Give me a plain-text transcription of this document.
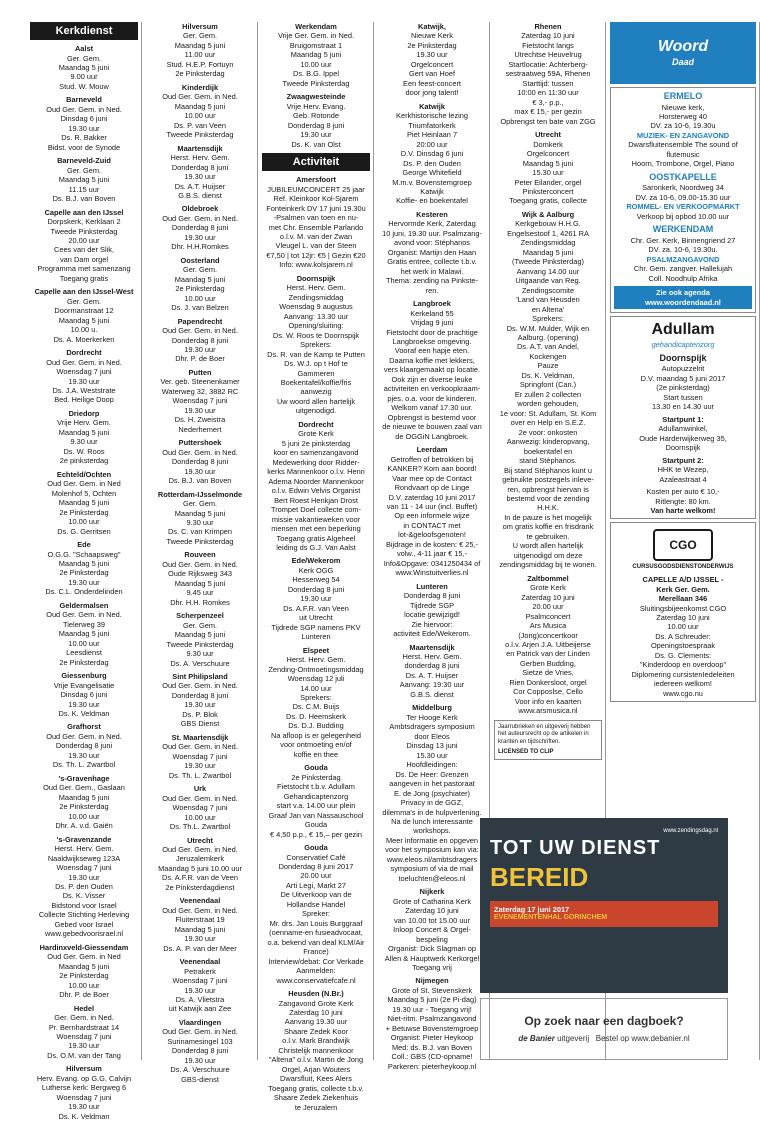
Kerkdienst
Aalst
Ger. Gem.
Maandag 5 juni
9.00 uur
Stud. W. Mouw
Barneveld
Oud Ger. Gem. in Ned.
Dinsdag 6 juni
19.30 uur
Ds. R. Bakker
Bidst. voor de Synode
Barneveld-Zuid
Ger. Gem.
Maandag 5 juni
11.15 uur
Ds. B.J. van Boven
Capelle aan den IJssel
Dorpskerk, Kerklaan 2
Tweede Pinksterdag
20.00 uur
Cees van der Slik,
van Dam orgel
Programma met samenzang
Toegang gratis
Capelle aan den IJssel-West
Ger. Gem.
Doormanstraat 12
Maandag 5 juni
10.00 u.
Ds. A. Moerkerken
Dordrecht
Oud Ger. Gem. in Ned.
Woensdag 7 juni
19.30 uur
Ds. J.A. Weststrate
Bed. Heilige Doop
Driedorp
Vrije Herv. Gem.
Maandag 5 juni
9.30 uur
Ds. W. Roos
2e pinksterdag
Echteld/Ochten
Oud Ger. Gem. in Ned
Molenhof 5, Ochten
Maandag 5 juni
2e Pinksterdag
10.00 uur
Ds. G. Gerritsen
Ede
O.G.G. "Schaapsweg"
Maandag 5 juni
2e Pinksterdag
19.30 uur
Ds. C.L. Onderdelinden
Geldermalsen
Oud Ger. Gem. in Ned.
Tielerweg 39
Maandag 5 juni
10.00 uur
Leesdienst
2e Pinksterdag
Giessenburg
Vrije Evangelisatie
Dinsdag 6 juni
19.30 uur
Ds. K. Veldman
Grafhorst
Oud Ger. Gem. in Ned.
Donderdag 8 juni
19.30 uur
Ds. Th. L. Zwartbol
's-Gravenhage
Oud Ger. Gem., Gaslaan
Maandag 5 juni
2e Pinksterdag
10.00 uur
Dhr. A. v.d. Gaiën
's-Gravenzande
Herst. Herv. Gem.
Naaldwijkseweg 123A
Woensdag 7 juni
19.30 uur
Ds. P. den Ouden
Ds. K. Visser
Bidstond voor Israel
Collecte Stichting Herleving
Gebed voor Israel
www.gebedvoorisrael.nl
Hardinxveld-Giessendam
Oud Ger. Gem. in Ned
Maandag 5 juni
2e Pinksterdag
10.00 uur
Dhr. P. de Boer
Hedel
Ger. Gem. in Ned.
Pr. Bernhardstraat 14
Woensdag 7 juni
19.30 uur
Ds. O.M. van der Tang
Hilversum
Herv. Evang. op G.G. Calvijn
Lutherse kerk: Bergweg 6
Woensdag 7 juni
19.30 uur
Ds. K. Veldman
Hilversum
Ger. Gem.
Maandag 5 juni
11.00 uur
Stud. H.E.P. Fortuyn
2e Pinksterdag
Kinderdijk
Oud Ger. Gem. in Ned.
Maandag 5 juni
10.00 uur
Ds. P. van Veen
Tweede Pinksterdag
Maartensdijk
Herst. Herv. Gem.
Donderdag 8 juni
19.30 uur
Ds. A.T. Huijser
G.B.S. dienst
Oldebroek
Oud Ger. Gem. in Ned.
Donderdag 8 juni
19.30 uur
Dhr. H.H.Romkes
Oosterland
Ger. Gem.
Maandag 5 juni
2e Pinksterdag
10.00 uur
Ds. J. van Belzen
Papendrecht
Oud Ger. Gem. in Ned.
Donderdag 8 juni
19.30 uur
Dhr. P. de Boer
Putten
Ver. geb. Steenenkamer
Waterweg 32, 3882 RC
Woensdag 7 juni
19.30 uur
Ds. H. Zweistra
Nederhemert
Puttershoek
Oud Ger. Gem. in Ned.
Donderdag 8 juni
19.30 uur
Ds. B.J. van Boven
Rotterdam-IJsselmonde
Ger. Gem.
Maandag 5 juni
9.30 uur
Ds. C. van Krimpen
Tweede Pinksterdag
Rouveen
Oud Ger. Gem. in Ned.
Oude Rijksweg 343
Maandag 5 juni
9.45 uur
Dhr. H.H. Romkes
Scherpenzeel
Ger. Gem.
Maandag 5 juni
Tweede Pinksterdag
9.30 uur
Ds. A. Verschuure
Sint Philipsland
Oud Ger. Gem. in Ned.
Donderdag 8 juni
19.30 uur
Ds. P. Blok
GBS Dienst
St. Maartensdijk
Oud Ger. Gem. in Ned.
Woensdag 7 juni
19.30 uur
Ds. Th. L. Zwartbol
Urk
Oud Ger. Gem. in Ned.
Woensdag 7 juni
10.00 uur
Ds. Th.L. Zwartbol
Utrecht
Oud Ger. Gem. in Ned.
Jeruzalemkerk
Maandag 5 juni 10.00 uur
Ds. A.F.R. van de Veen
2e Pinksterdagdienst
Veenendaal
Oud Ger. Gem. in Ned.
Fluiterstraat 19
Maandag 5 juni
19.30 uur
Ds. A. P. van der Meer
Veenendaal
Petrakerk
Woensdag 7 juni
19.30 uur
Ds. A. Vlietstra
uit Katwijk aan Zee
Vlaardingen
Oud Ger. Gem. in Ned.
Surinamesingel 103
Donderdag 8 juni
19.30 uur
Ds. A. Verschuure
GBS-dienst
Werkendam
Vrije Ger. Gem. in Ned.
Bruigomstraat 1
Maandag 5 juni
10.00 uur
Ds. B.G. Ippel
Tweede Pinksterdag
Zwaagwesteinde
Vrije Herv. Evang.
Geb. Rotonde
Donderdag 8 juni
19.30 uur
Ds. K. van Olst
Activiteit
Amersfoort
JUBILEUMCONCERT 25 jaar
Ref. Kleinkoor Kol-Sjarem
Fonteinkerk DV 17 juni 19.30u
-Psalmen van toen en nu-
met Chr. Ensemble Parlando
o.l.v. M. van der Zwan
Vleugel L. van der Steen
€7,50 | tot 12jr: €5 | Gezin €20
Info: www.kolsjarem.nl
Doornspijk
Herst. Herv. Gem.
Zendingsmiddag
Woensdag 9 augustus
Aanvang: 13.30 uur
Opening/sluiting:
Ds. W. Roos te Doornspijk
Sprekers:
Ds. R. van de Kamp te Putten
Ds. W.J. op t Hof te
Gammeren
Boekentafel/koffie/fris
aanwezig
Uw woord allen hartelijk
uitgenodigd.
Dordrecht
Grote Kerk
5 juni 2e pinksterdag
koor en samenzangavond
Medewerking door Ridder-
kerks Mannenkoor o.l.v. Henri
Adema Noorder Mannenkoor
o.l.v. Edwin Velvis Organist
Bert Roest Henkjan Drost
Trompet Doel collecte com-
missie vakantieweken voor
mensen met een beperking
Toegang gratis Algeheel
leiding ds G.J. Van Aalst
Ede/Wekerom
Kerk OGG
Hesserweg 54
Donderdag 8 juni
19.30 uur
Ds. A.F.R. van Veen
uit Utrecht
Tijdrede SGP namens PKV
Lunteren
Elspeet
Herst. Herv. Gem.
Zending-Ontmoetingsmiddag
Woensdag 12 juli
14.00 uur
Sprekers:
Ds. C.M. Buijs
Ds. D. Heemskerk
Ds. D.J. Budding
Na afloop is er gelegenheid
voor ontmoeting en/of
koffie en thee
Gouda
2e Pinksterdag
Fietstocht t.b.v. Adullam
Gehandicaptenzorg
start v.a. 14.00 uur plein
Graaf Jan van Nassauschool
Gouda
€ 4,50 p.p., € 15,– per gezin
Gouda
Conservatief Café
Donderdag 8 juni 2017
20.00 uur
Arti Legi, Markt 27
De Uitverkoop van de
Hollandse Handel
Spreker:
Mr. drs. Jan Louis Burggraaf
(oenname-en fusieadvocaat,
o.a. bekend van deal KLM/Air
France)
Interview/debat: Cor Verkade
Aanmelden:
www.conservatiefcafe.nl
Heusden (N.Br.)
Zangavond Grote Kerk
Zaterdag 10 juni
Aanvang 19.30 uur
Shaare Zedek Koor
o.l.v. Mark Brandwijk
Christelijk mannenkoor
"Altena" o.l.v. Martin de Jong
Orgel, Arjan Wouters
Dwarsfluit, Kees Alers
Toegang gratis, collecte t.b.v.
Shaare Zedek Ziekenhuis
te Jeruzalem
Katwijk,
Nieuwe Kerk
2e Pinksterdag
19.30 uur
Orgelconcert
Gert van Hoef
Een feest-concert
door jong talent!
Katwijk
Kerkhistorische lezing
Triumfatorkerk
Piet Heinlaan 7
20:00 uur
D.V. Dinsdag 6 juni
Ds. P. den Ouden
George Whitefield
M.m.v. Bovenstemgroep
Katwijk
Koffie- en boekentafel
Kesteren
Hervormde Kerk, Zaterdag
10 juni, 19.30 uur. Psalmzang-
avond voor: Stéphanos
Organist: Martijn den Haan
Gratis entree, collecte t.b.v.
het werk in Malawi.
Thema: zending na Pinkste-
ren.
Langbroek
Kerkeland 55
Vrijdag 9 juni
Fietstocht door de prachtige
Langbroekse omgeving.
Vooraf een hapje eten.
Daarna koffie met lekkers,
vers klaargemaakt op locatie.
Ook zijn er diverse leuke
activiteiten en verkoopkraam-
pjes, o.a. voor de kinderen.
Welkom vanaf 17.30 uur.
Opbrengst is bestemd voor
de nieuwe te bouwen zaal van
de OGGiN Langbroek.
Leerdam
Getroffen of betrokken bij
KANKER? Kom aan boord!
Vaar mee op de Contact
Rondvaart op de Linge
D.V. zaterdag 10 juni 2017
van 11 - 14 uur (incl. Buffet)
Op een informele wijze
in CONTACT met
lot-&geloofsgenoten!
Bijdrage in de kosten: € 25,-
volw., 4-11 jaar € 15,-
Info&Opgave: 0341250434 of
www.Winstuitverlies.nl
Lunteren
Donderdag 8 juni
Tijdrede SGP
locatie gewijzigd!
Zie hiervoor:
activiteit Ede/Wekerom.
Maartensdijk
Herst. Herv. Gem.
donderdag 8 juni
Ds. A. T. Huijser
Aanvang: 19:30 uur
G.B.S. dienst
Middelburg
Ter Hooge Kerk
Ambtsdragers symposium
door Eleos
Dinsdag 13 juni
15.30 uur
Hoofdleidingen:
Ds. De Heer: Grenzen
aangeven in het pastoraat
E. de Jong (psychiater)
Privacy in de GGZ,
dilemma's in de hulpverlening.
Na de lunch interessante
workshops.
Meer informatie en opgeven
voor het symposium kan via:
www.eleos.nl/ambtsdragers
symposium of via de mail
toeluchten@eleos.nl
Nijkerk
Grote of Catharina Kerk
Zaterdag 10 juni
van 10.00 tot 15.00 uur
Inloop Concert & Orgel-
bespeling
Organist: Dick Slagman op
Allen & Hauptwerk Kerkorgel
Toegang vrij
Nijmegen
Grote of St. Stevenskerk
Maandag 5 juni (2e Pi-dag)
19.30 uur - Toegang vrij!
Niet-ritm. Psalmzangavond
+ Betuwse Bovenstemgroep
Organist: Pieter Heykoop
Med: ds. B.J. van Boven
Coll.: GBS (CD-opname!
Parkeren: pieterheykoop.nl
Rhenen
Zaterdag 10 juni
Fietstocht langs
Utrechtse Heuvelrug
Startlocatie: Achterberg-
sestraatweg 59A, Rhenen
Starttijd: tussen
10:00 en 11:30 uur
€ 3,- p.p.,
max € 15,- per gezin
Opbrengst ten bate van ZGG
Utrecht
Domkerk
Orgelconcert
Maandag 5 juni
15.30 uur
Peter Eilander, orgel
Pinksterconcert
Toegang gratis, collecte
Wijk & Aalburg
Kerkgebouw H.H.G.
Engelsestoof 1, 4261 RA
Zendingsmiddag
Maandag 5 juni
(Tweede Pinksterdag)
Aanvang 14.00 uur
Uitgaande van Reg.
Zendingscomite
'Land van Heusden
en Altena'
Sprekers:
Ds. W.M. Mulder, Wijk en
Aalburg. (opening)
Ds. A.T. van Andel,
Kockengen
Pauze
Ds. K. Veldman,
Springfont (Can.)
Er zullen 2 collecten
worden gehouden,
1e voor: St. Adullam, St. Kom
over en Help en S.E.Z.
2e voor: onkosten
Aanwezig: kinderopvang,
boekentafel en
stand Stéphanos.
Bij stand Stéphanos kunt u
gebruikte postzegels inleve-
ren, opbrengst hiervan is
bestemd voor de zending
H.H.K.
In de pauze is het mogelijk
om gratis koffie en frisdrank
te gebruiken.
U wordt allen hartelijk
uitgenodigd om deze
zendingsmiddag bij te wonen.
Zaltbommel
Grote Kerk
Zaterdag 10 juni
20.00 uur
Psalmconcert
Ars Musica
(Jong)concertkoor
o.l.v. Arjen J.A. Uitbeijerse
en Patrick van der Linden
Gerben Budding,
Sietze de Vries,
Rien Donkersloot, orgel
Cor Copposlse, Cello
Voor info en kaarten
www.arsmusica.nl
Jaarrubrieken en uitgeverij hebben het auteursrecht op de artikelen in kranten en tijdschriften.
LICENSED TO CLIP
Woord
Daad
ERMELO
Nieuwe kerk,
Horsterweg 40
DV. za 10-6, 19.30u
MUZIEK- EN ZANGAVOND
Dwarsfluitensemble The sound of
flutemusic
Hoorn, Trombone, Orgel, Piano
OOSTKAPELLE
Saronkerk, Noordweg 34
DV. za 10-6, 09.00-15.30 uur
ROMMEL- EN VERKOOPMARKT
Verkoop bij opbod 10.00 uur
WERKENDAM
Chr. Ger. Kerk, Binnengriend 27
DV. za. 10-6, 19.30u.
PSALMZANGAVOND
Chr. Gem. zangver. Hallelujah
Coll. Noodhulp Afrika
Zie ook agenda
www.woordendaad.nl
Adullam
gehandicaptenzorg
Doornspijk
Autopuzzelrit
D.V. maandag 5 juni 2017
(2e pinksterdag)
Start tussen
13.30 en 14.30 uur
Startpunt 1:
Adullamwinkel,
Oude Harderwijkerweg 35,
Doornspijk
Startpunt 2:
HHK te Wezep,
Azaleastraat 4
Kosten per auto € 10,-
Ritlengte: 80 km.
Van harte welkom!
CGO
CURSUSGODSDIENSTONDERWIJS
CAPELLE A/D IJSSEL -
Kerk Ger. Gem.
Merellaan 346
Sluitingsbijeenkomst CGO
Zaterdag 10 juni
10.00 uur
Ds. A Schreuder:
Openingstoespraak
Ds. G. Clements:
"Kinderdoop en overdoop"
Diplomering cursistenIedeleiten
iedereen welkom!
www.cgo.nu
www.zendingsdag.nl
TOT UW DIENST
BEREID
Zaterdag 17 juni 2017
EVENEMENTENHAL GORINCHEM
Op zoek naar een dagboek?
de Banier uitgeverij Bestel op www.debanier.nl
